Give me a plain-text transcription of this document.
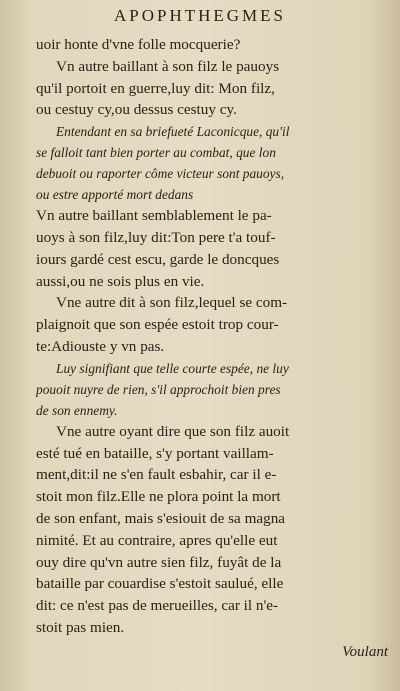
APOPHTHEGMES
uoir honte d'vne folle mocquerie?
Vn autre baillant à son filz le pauoys
qu'il portoit en guerre,luy dit: Mon filz,
ou cestuy cy,ou dessus cestuy cy.
Entendant en sa briefueté Laconicque, qu'il
se falloit tant bien porter au combat, que lon
debuoit ou raporter côme victeur sont pauoys,
ou estre apporté mort dedans
Vn autre baillant semblablement le pa-
uoys à son filz,luy dit:Ton pere t'a touf-
iours gardé cest escu, garde le doncques
aussi,ou ne sois plus en vie.
Vne autre dit à son filz,lequel se com-
plaignoit que son espée estoit trop cour-
te:Adiouste y vn pas.
Luy signifiant que telle courte espée, ne luy
pouoit nuyre de rien, s'il approchoit bien pres
de son ennemy.
Vne autre oyant dire que son filz auoit
esté tué en bataille, s'y portant vaillam-
ment,dit:il ne s'en fault esbahir, car il e-
stoit mon filz.Elle ne plora point la mort
de son enfant, mais s'esiouit de sa magna
nimité. Et au contraire, apres qu'elle eut
ouy dire qu'vn autre sien filz, fuyât de la
bataille par couardise s'estoit saulué, elle
dit: ce n'est pas de merueilles, car il n'e-
stoit pas mien.
Voulant
